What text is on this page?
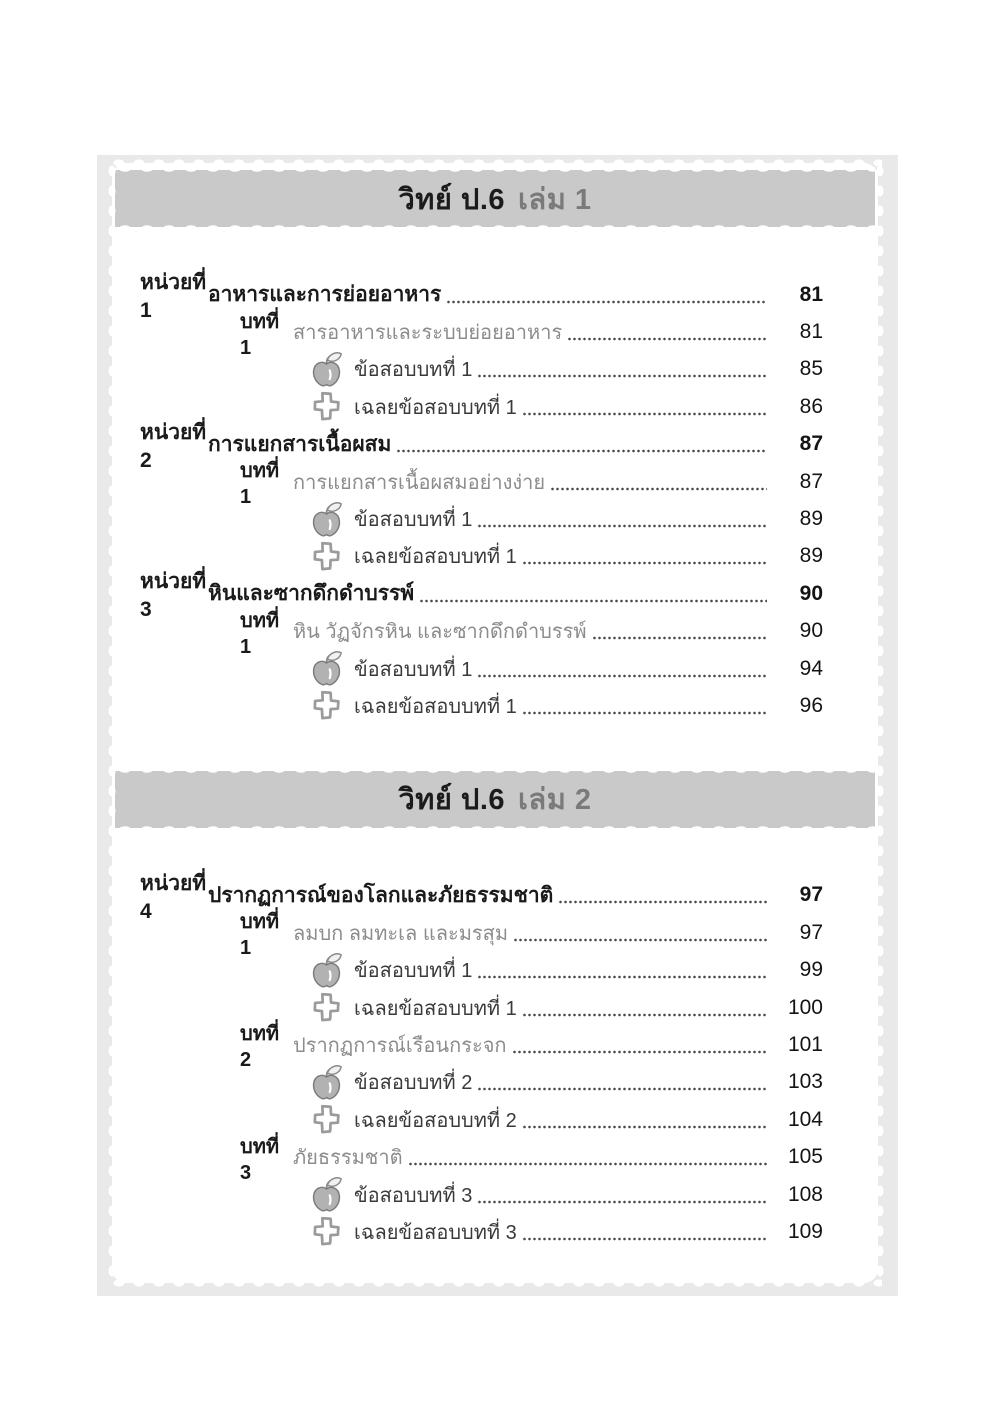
วิทย์ ป.6 เล่ม 1
หน่วยที่ 1
อาหารและการย่อยอาหาร	81
บทที่ 1
สารอาหารและระบบย่อยอาหาร	81
ข้อสอบบทที่ 1	85
เฉลยข้อสอบบทที่ 1	86
หน่วยที่ 2
การแยกสารเนื้อผสม	87
บทที่ 1
การแยกสารเนื้อผสมอย่างง่าย	87
ข้อสอบบทที่ 1	89
เฉลยข้อสอบบทที่ 1	89
หน่วยที่ 3
หินและซากดึกดำบรรพ์	90
บทที่ 1
หิน วัฏจักรหิน และซากดึกดำบรรพ์	90
ข้อสอบบทที่ 1	94
เฉลยข้อสอบบทที่ 1	96
วิทย์ ป.6 เล่ม 2
หน่วยที่ 4
ปรากฏการณ์ของโลกและภัยธรรมชาติ	97
บทที่ 1
ลมบก ลมทะเล และมรสุม	97
ข้อสอบบทที่ 1	99
เฉลยข้อสอบบทที่ 1	100
บทที่ 2
ปรากฏการณ์เรือนกระจก	101
ข้อสอบบทที่ 2	103
เฉลยข้อสอบบทที่ 2	104
บทที่ 3
ภัยธรรมชาติ	105
ข้อสอบบทที่ 3	108
เฉลยข้อสอบบทที่ 3	109
